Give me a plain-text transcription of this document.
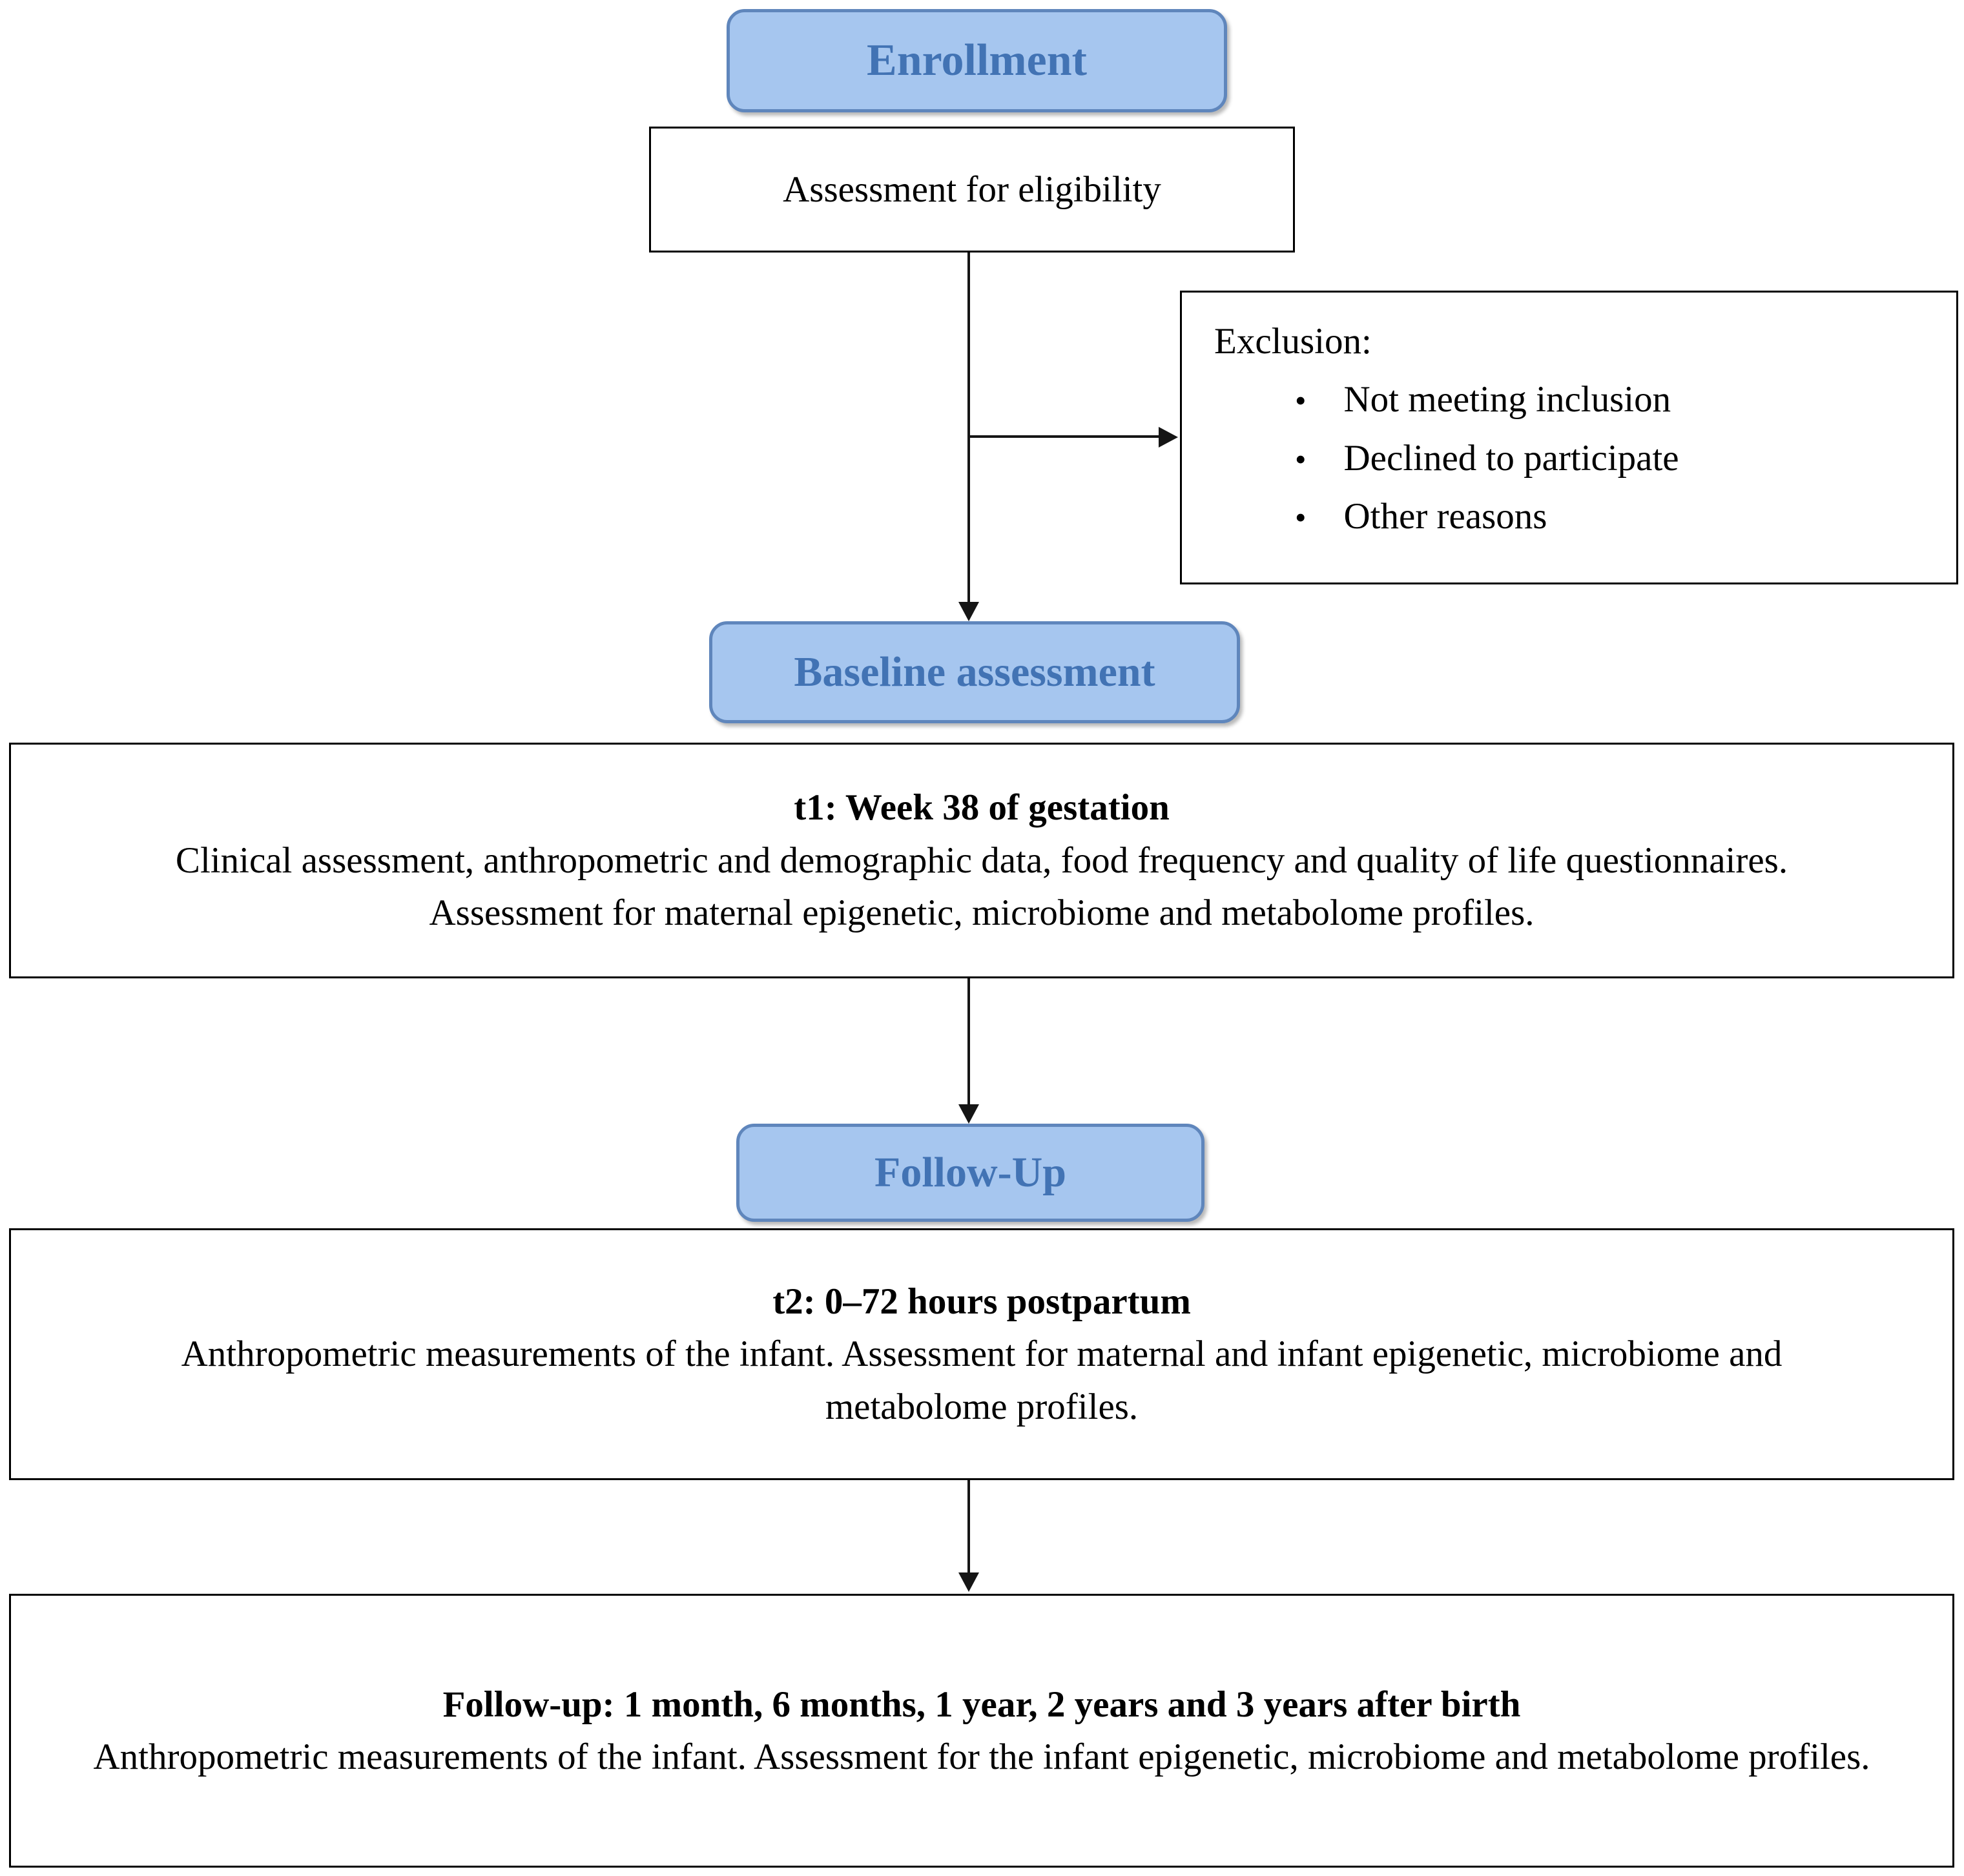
Enrollment
Assessment for eligibility
Exclusion:
• Not meeting inclusion
• Declined to participate
• Other reasons
Baseline assessment
t1: Week 38 of gestation
Clinical assessment, anthropometric and demographic data, food frequency and quality of life questionnaires. Assessment for maternal epigenetic, microbiome and metabolome profiles.
Follow-Up
t2: 0–72 hours postpartum
Anthropometric measurements of the infant. Assessment for maternal and infant epigenetic, microbiome and metabolome profiles.
Follow-up: 1 month, 6 months, 1 year, 2 years and 3 years after birth
Anthropometric measurements of the infant. Assessment for the infant epigenetic, microbiome and metabolome profiles.
